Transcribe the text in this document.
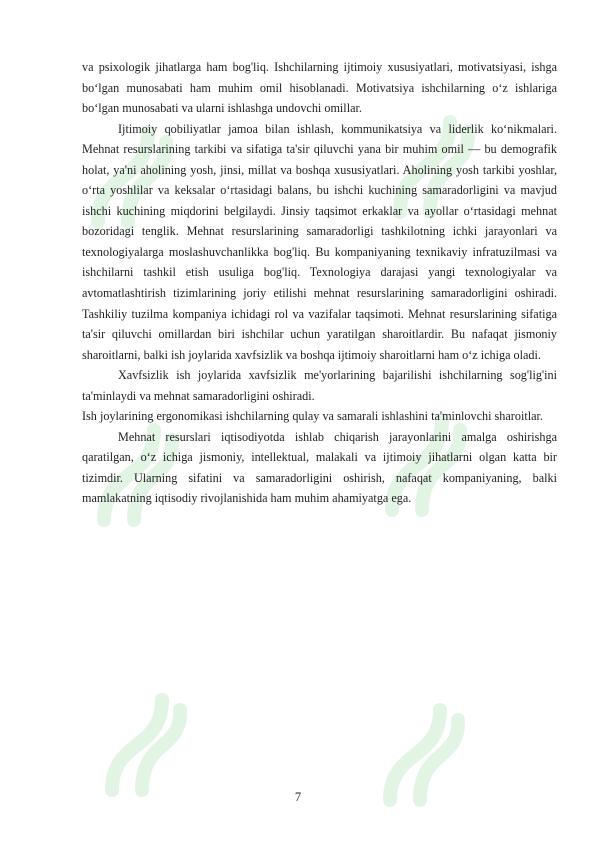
va psixologik jihatlarga ham bog'liq. Ishchilarning ijtimoiy xususiyatlari, motivatsiyasi, ishga bo‘lgan munosabati ham muhim omil hisoblanadi. Motivatsiya ishchilarning o‘z ishlariga bo‘lgan munosabati va ularni ishlashga undovchi omillar.

Ijtimoiy qobiliyatlar jamoa bilan ishlash, kommunikatsiya va liderlik ko‘nikmalari. Mehnat resurslarining tarkibi va sifatiga ta'sir qiluvchi yana bir muhim omil — bu demografik holat, ya'ni aholining yosh, jinsi, millat va boshqa xususiyatlari. Aholining yosh tarkibi yoshlar, o‘rta yoshlilar va keksalar o‘rtasidagi balans, bu ishchi kuchining samaradorligini va mavjud ishchi kuchining miqdorini belgilaydi. Jinsiy taqsimot erkaklar va ayollar o‘rtasidagi mehnat bozoridagi tenglik. Mehnat resurslarining samaradorligi tashkilotning ichki jarayonlari va texnologiyalarga moslashuvchanlikka bog'liq. Bu kompaniyaning texnikaviy infratuzilmasi va ishchilarni tashkil etish usuliga bog'liq. Texnologiya darajasi yangi texnologiyalar va avtomatlashtirish tizimlarining joriy etilishi mehnat resurslarining samaradorligini oshiradi. Tashkiliy tuzilma kompaniya ichidagi rol va vazifalar taqsimoti. Mehnat resurslarining sifatiga ta'sir qiluvchi omillardan biri ishchilar uchun yaratilgan sharoitlardir. Bu nafaqat jismoniy sharoitlarni, balki ish joylarida xavfsizlik va boshqa ijtimoiy sharoitlarni ham o‘z ichiga oladi.

Xavfsizlik ish joylarida xavfsizlik me'yorlarining bajarilishi ishchilarning sog'lig'ini ta'minlaydi va mehnat samaradorligini oshiradi.

Ish joylarining ergonomikasi ishchilarning qulay va samarali ishlashini ta'minlovchi sharoitlar.

Mehnat resurslari iqtisodiyotda ishlab chiqarish jarayonlarini amalga oshirishga qaratilgan, o‘z ichiga jismoniy, intellektual, malakali va ijtimoiy jihatlarni olgan katta bir tizimdir. Ularning sifatini va samaradorligini oshirish, nafaqat kompaniyaning, balki mamlakatning iqtisodiy rivojlanishida ham muhim ahamiyatga ega.

7
